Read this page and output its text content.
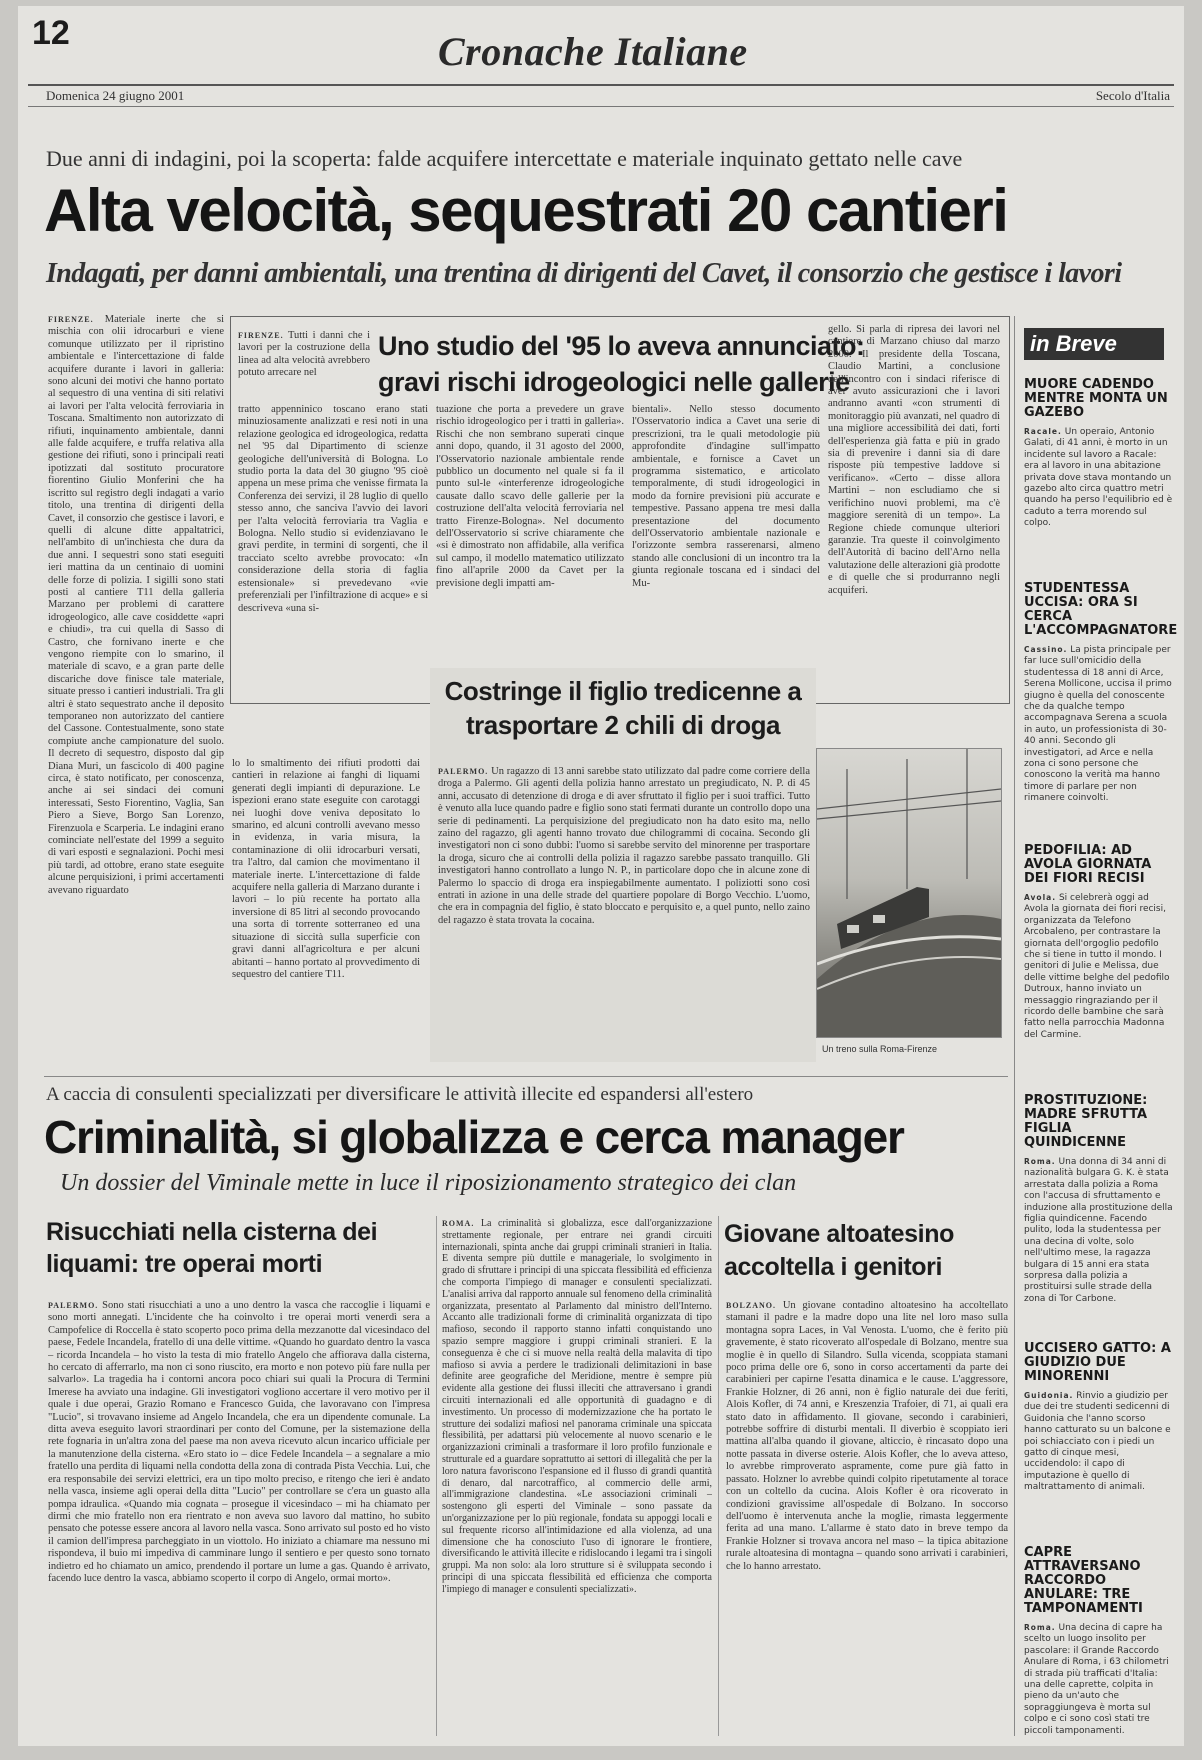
12	Cronache Italiane
Domenica 24 giugno 2001	Secolo d'Italia
Due anni di indagini, poi la scoperta: falde acquifere intercettate e materiale inquinato gettato nelle cave
Alta velocità, sequestrati 20 cantieri
Indagati, per danni ambientali, una trentina di dirigenti del Cavet, il consorzio che gestisce i lavori

FIRENZE. Materiale inerte che si mischia con olii idrocarburi e viene comunque utilizzato per il ripristino ambientale e l'intercettazione di falde acquifere durante i lavori in galleria: sono alcuni dei motivi che hanno portato al sequestro di una ventina di siti relativi ai lavori per l'alta velocità ferroviaria in Toscana. Smaltimento non autorizzato di rifiuti, inquinamento ambientale, danni alle falde acquifere, e truffa relativa alla gestione dei rifiuti, sono i principali reati ipotizzati dal sostituto procuratore fiorentino Giulio Monferini che ha iscritto sul registro degli indagati a vario titolo, una trentina di dirigenti della Cavet, il consorzio che gestisce i lavori, e quelli di alcune ditte appaltatrici, nell'ambito di un'inchiesta che dura da due anni. I sequestri sono stati eseguiti ieri mattina da un centinaio di uomini delle forze di polizia. I sigilli sono stati posti al cantiere T11 della galleria Marzano per problemi di carattere idrogeologico, alle cave cosiddette «apri e chiudi», tra cui quella di Sasso di Castro, che fornivano inerte e che vengono riempite con lo smarino, il materiale di scavo, e a gran parte delle discariche dove finisce tale materiale, situate presso i cantieri industriali. Tra gli altri è stato sequestrato anche il deposito temporaneo non autorizzato del cantiere del Cassone. Contestualmente, sono state compiute anche campionature del suolo. Il decreto di sequestro, disposto dal gip Diana Muri, un fascicolo di 400 pagine circa, è stato notificato, per conoscenza, anche ai sei sindaci dei comuni interessati, Sesto Fiorentino, Vaglia, San Piero a Sieve, Borgo San Lorenzo, Firenzuola e Scarperia. Le indagini erano cominciate nell'estate del 1999 a seguito di vari esposti e segnalazioni. Pochi mesi più tardi, ad ottobre, erano state eseguite alcune perquisizioni, i primi accertamenti avevano riguardato

lo lo smaltimento dei rifiuti prodotti dai cantieri in relazione ai fanghi di liquami generati degli impianti di depurazione. Le ispezioni erano state eseguite con carotaggi nei luoghi dove veniva depositato lo smarino, ed alcuni controlli avevano messo in evidenza, in varia misura, la contaminazione di olii idrocarburi versati, tra l'altro, dal camion che movimentano il materiale inerte. L'intercettazione di falde acquifere nella galleria di Marzano durante i lavori – lo più recente ha portato alla inversione di 85 litri al secondo provocando una sorta di torrente sotterraneo ed una situazione di siccità sulla superficie con gravi danni all'agricoltura e per alcuni abitanti – hanno portato al provvedimento di sequestro del cantiere T11.

Uno studio del '95 lo aveva annunciato: gravi rischi idrogeologici nelle gallerie

FIRENZE. Tutti i danni che i lavori per la costruzione della linea ad alta velocità avrebbero potuto arrecare nel

tratto appenninico toscano erano stati minuziosamente analizzati e resi noti in una relazione geologica ed idrogeologica, redatta nel '95 dal Dipartimento di scienze geologiche dell'università di Bologna. Lo studio porta la data del 30 giugno '95 cioè appena un mese prima che venisse firmata la Conferenza dei servizi, il 28 luglio di quello stesso anno, che sanciva l'avvio dei lavori per l'alta velocità ferroviaria tra Vaglia e Bologna. Nello studio si evidenziavano le gravi perdite, in termini di sorgenti, che il tracciato scelto avrebbe provocato: «In considerazione della storia di faglia estensionale» si prevedevano «vie preferenziali per l'infiltrazione di acque» e si descriveva «una si-

tuazione che porta a prevedere un grave rischio idrogeologico per i tratti in galleria». Rischi che non sembrano superati cinque anni dopo, quando, il 31 agosto del 2000, l'Osservatorio nazionale ambientale rende pubblico un documento nel quale si fa il punto sul-le «interferenze idrogeologiche causate dallo scavo delle gallerie per la costruzione dell'alta velocità ferroviaria nel tratto Firenze-Bologna». Nel documento dell'Osservatorio si scrive chiaramente che «si è dimostrato non affidabile, alla verifica sul campo, il modello matematico utilizzato fino all'aprile 2000 da Cavet per la previsione degli impatti am-

bientali». Nello stesso documento l'Osservatorio indica a Cavet una serie di prescrizioni, tra le quali metodologie più approfondite d'indagine sull'impatto ambientale, e fornisce a Cavet un programma sistematico, e articolato temporalmente, di studi idrogeologici in modo da fornire previsioni più accurate e tempestive. Passano appena tre mesi dalla presentazione del documento dell'Osservatorio ambientale nazionale e l'orizzonte sembra rasserenarsi, almeno stando alle conclusioni di un incontro tra la giunta regionale toscana ed i sindaci del Mu-

gello. Si parla di ripresa dei lavori nel cantiere di Marzano chiuso dal marzo 2000. Il presidente della Toscana, Claudio Martini, a conclusione dell'incontro con i sindaci riferisce di aver avuto assicurazioni che i lavori andranno avanti «con strumenti di monitoraggio più avanzati, nel quadro di una migliore accessibilità dei dati, forti dell'esperienza già fatta e più in grado sia di prevenire i danni sia di dare risposte più tempestive laddove si verificano». «Certo – disse allora Martini – non escludiamo che si verifichino nuovi problemi, ma c'è maggiore serenità di un tempo». La Regione chiede comunque ulteriori garanzie. Tra queste il coinvolgimento dell'Autorità di bacino dell'Arno nella valutazione delle alterazioni già prodotte e di quelle che si produrranno negli acquiferi.

Costringe il figlio tredicenne a trasportare 2 chili di droga

PALERMO. Un ragazzo di 13 anni sarebbe stato utilizzato dal padre come corriere della droga a Palermo. Gli agenti della polizia hanno arrestato un pregiudicato, N. P. di 45 anni, accusato di detenzione di droga e di aver sfruttato il figlio per i suoi traffici. Tutto è venuto alla luce quando padre e figlio sono stati fermati durante un controllo dopo una serie di pedinamenti. La perquisizione del pregiudicato non ha dato esito ma, nello zaino del ragazzo, gli agenti hanno trovato due chilogrammi di cocaina. Secondo gli investigatori non ci sono dubbi: l'uomo si sarebbe servito del minorenne per trasportare la droga, sicuro che ai controlli della polizia il ragazzo sarebbe passato tranquillo. Gli investigatori hanno controllato a lungo N. P., in particolare dopo che in alcune zone di Palermo lo spaccio di droga era inspiegabilmente aumentato. I poliziotti sono così entrati in azione in una delle strade del quartiere popolare di Borgo Vecchio. L'uomo, che era in compagnia del figlio, è stato bloccato e perquisito e, a quel punto, nello zaino del ragazzo è stata trovata la cocaina.

Un treno sulla Roma-Firenze
in Breve
MUORE CADENDO MENTRE MONTA UN GAZEBO
Racale. Un operaio, Antonio Galati, di 41 anni, è morto in un incidente sul lavoro a Racale: era al lavoro in una abitazione privata dove stava montando un gazebo alto circa quattro metri quando ha perso l'equilibrio ed è caduto a terra morendo sul colpo.
STUDENTESSA UCCISA: ORA SI CERCA L'ACCOMPAGNATORE
Cassino. La pista principale per far luce sull'omicidio della studentessa di 18 anni di Arce, Serena Mollicone, uccisa il primo giugno è quella del conoscente che da qualche tempo accompagnava Serena a scuola in auto, un professionista di 30-40 anni. Secondo gli investigatori, ad Arce e nella zona ci sono persone che conoscono la verità ma hanno timore di parlare per non rimanere coinvolti.
PEDOFILIA: AD AVOLA GIORNATA DEI FIORI RECISI
Avola. Si celebrerà oggi ad Avola la giornata dei fiori recisi, organizzata da Telefono Arcobaleno, per contrastare la giornata dell'orgoglio pedofilo che si tiene in tutto il mondo. I genitori di Julie e Melissa, due delle vittime belghe del pedofilo Dutroux, hanno inviato un messaggio ringraziando per il ricordo delle bambine che sarà fatto nella parrocchia Madonna del Carmine.
PROSTITUZIONE: MADRE SFRUTTA FIGLIA QUINDICENNE
Roma. Una donna di 34 anni di nazionalità bulgara G. K. è stata arrestata dalla polizia a Roma con l'accusa di sfruttamento e induzione alla prostituzione della figlia quindicenne. Facendo pulito, loda la studentessa per una decina di volte, solo nell'ultimo mese, la ragazza bulgara di 15 anni era stata sorpresa dalla polizia a prostituirsi sulle strade della zona di Tor Carbone.
UCCISERO GATTO: A GIUDIZIO DUE MINORENNI
Guidonia. Rinvio a giudizio per due dei tre studenti sedicenni di Guidonia che l'anno scorso hanno catturato su un balcone e poi schiacciato con i piedi un gatto di cinque mesi, uccidendolo: il capo di imputazione è quello di maltrattamento di animali.
CAPRE ATTRAVERSANO RACCORDO ANULARE: TRE TAMPONAMENTI
Roma. Una decina di capre ha scelto un luogo insolito per pascolare: il Grande Raccordo Anulare di Roma, i 63 chilometri di strada più trafficati d'Italia: una delle caprette, colpita in pieno da un'auto che sopraggiungeva è morta sul colpo e ci sono così stati tre piccoli tamponamenti.
A caccia di consulenti specializzati per diversificare le attività illecite ed espandersi all'estero
Criminalità, si globalizza e cerca manager
Un dossier del Viminale mette in luce il riposizionamento strategico dei clan
Risucchiati nella cisterna dei liquami: tre operai morti

PALERMO. Sono stati risucchiati a uno a uno dentro la vasca che raccoglie i liquami e sono morti annegati. L'incidente che ha coinvolto i tre operai morti venerdì sera a Campofelice di Roccella è stato scoperto poco prima della mezzanotte dal vicesindaco del paese, Fedele Incandela, fratello di una delle vittime. «Quando ho guardato dentro la vasca – ricorda Incandela – ho visto la testa di mio fratello Angelo che affiorava dalla cisterna, ho cercato di afferrarlo, ma non ci sono riuscito, era morto e non potevo più fare nulla per salvarlo». La tragedia ha i contorni ancora poco chiari sui quali la Procura di Termini Imerese ha avviato una indagine. Gli investigatori vogliono accertare il vero motivo per il quale i due operai, Grazio Romano e Francesco Guida, che lavoravano con l'impresa "Lucio", si trovavano insieme ad Angelo Incandela, che era un dipendente comunale. La ditta aveva eseguito lavori straordinari per conto del Comune, per la sistemazione della rete fognaria in un'altra zona del paese ma non aveva ricevuto alcun incarico ufficiale per la manutenzione della cisterna. «Ero stato io – dice Fedele Incandela – a segnalare a mio fratello una perdita di liquami nella condotta della zona di contrada Pista Vecchia. Lui, che era responsabile dei servizi elettrici, era un tipo molto preciso, e ritengo che ieri è andato nella vasca, insieme agli operai della ditta "Lucio" per controllare se c'era un guasto alla pompa idraulica. «Quando mia cognata – prosegue il vicesindaco – mi ha chiamato per dirmi che mio fratello non era rientrato e non aveva suo lavoro dal mattino, ho subito pensato che potesse essere ancora al lavoro nella vasca. Sono arrivato sul posto ed ho visto il camion dell'impresa parcheggiato in un viottolo. Ho iniziato a chiamare ma nessuno mi rispondeva, il buio mi impediva di camminare lungo il sentiero e per questo sono tornato indietro ed ho chiamato un amico, prendendo il portare un lume a gas. Quando è arrivato, facendo luce dentro la vasca, abbiamo scoperto il corpo di Angelo, ormai morto».

ROMA. La criminalità si globalizza, esce dall'organizzazione strettamente regionale, per entrare nei grandi circuiti internazionali, spinta anche dai gruppi criminali stranieri in Italia. E diventa sempre più duttile e manageriale, lo svolgimento in grado di sfruttare i principi di una spiccata flessibilità ed efficienza che comporta l'impiego di manager e consulenti specializzati. L'analisi arriva dal rapporto annuale sul fenomeno della criminalità organizzata, presentato al Parlamento dal ministro dell'Interno. Accanto alle tradizionali forme di criminalità organizzata di tipo mafioso, secondo il rapporto stanno infatti conquistando uno spazio sempre maggiore i gruppi criminali stranieri. E la conseguenza è che ci si muove nella realtà della malavita di tipo mafioso si avvia a perdere le tradizionali delimitazioni in base definite aree geografiche del Meridione, mentre è sempre più evidente alla gestione dei flussi illeciti che attraversano i grandi circuiti internazionali ed alle opportunità di guadagno e di investimento. Un processo di modernizzazione che ha portato le strutture dei sodalizi mafiosi nel panorama criminale una spiccata flessibilità, per adattarsi più velocemente al nuovo scenario e le organizzazioni criminali a trasformare il loro profilo funzionale e strutturale ed a guardare soprattutto ai settori di illegalità che per la loro natura favoriscono l'espansione ed il flusso di grandi quantità di denaro, dal narcotraffico, al commercio delle armi, all'immigrazione clandestina. «Le associazioni criminali – sostengono gli esperti del Viminale – sono passate da un'organizzazione per lo più regionale, fondata su appoggi locali e sul frequente ricorso all'intimidazione ed alla violenza, ad una dimensione che ha conosciuto l'uso di ignorare le frontiere, diversificando le attività illecite e ridislocando i legami tra i singoli gruppi. Ma non solo: ala loro strutture si è sviluppata secondo i principi di una spiccata flessibilità ed efficienza che comporta l'impiego di manager e consulenti specializzati».

Giovane altoatesino accoltella i genitori

BOLZANO. Un giovane contadino altoatesino ha accoltellato stamani il padre e la madre dopo una lite nel loro maso sulla montagna sopra Laces, in Val Venosta. L'uomo, che è ferito più gravemente, è stato ricoverato all'ospedale di Bolzano, mentre sua moglie è in quello di Silandro. Sulla vicenda, scoppiata stamani poco prima delle ore 6, sono in corso accertamenti da parte dei carabinieri per capirne l'esatta dinamica e le cause. L'aggressore, Frankie Holzner, di 26 anni, non è figlio naturale dei due feriti, Alois Kofler, di 74 anni, e Kreszenzia Trafoier, di 71, ai quali era stato dato in affidamento. Il giovane, secondo i carabinieri, potrebbe soffrire di disturbi mentali. Il diverbio è scoppiato ieri mattina all'alba quando il giovane, alticcio, è rincasato dopo una notte passata in diverse osterie. Alois Kofler, che lo aveva atteso, lo avrebbe rimproverato aspramente, come pure già fatto in passato. Holzner lo avrebbe quindi colpito ripetutamente al torace con un coltello da cucina. Alois Kofler è ora ricoverato in condizioni gravissime all'ospedale di Bolzano. In soccorso dell'uomo è intervenuta anche la moglie, rimasta leggermente ferita ad una mano. L'allarme è stato dato in breve tempo da Frankie Holzner si trovava ancora nel maso – la tipica abitazione rurale altoatesina di montagna – quando sono arrivati i carabinieri, che lo hanno arrestato.
